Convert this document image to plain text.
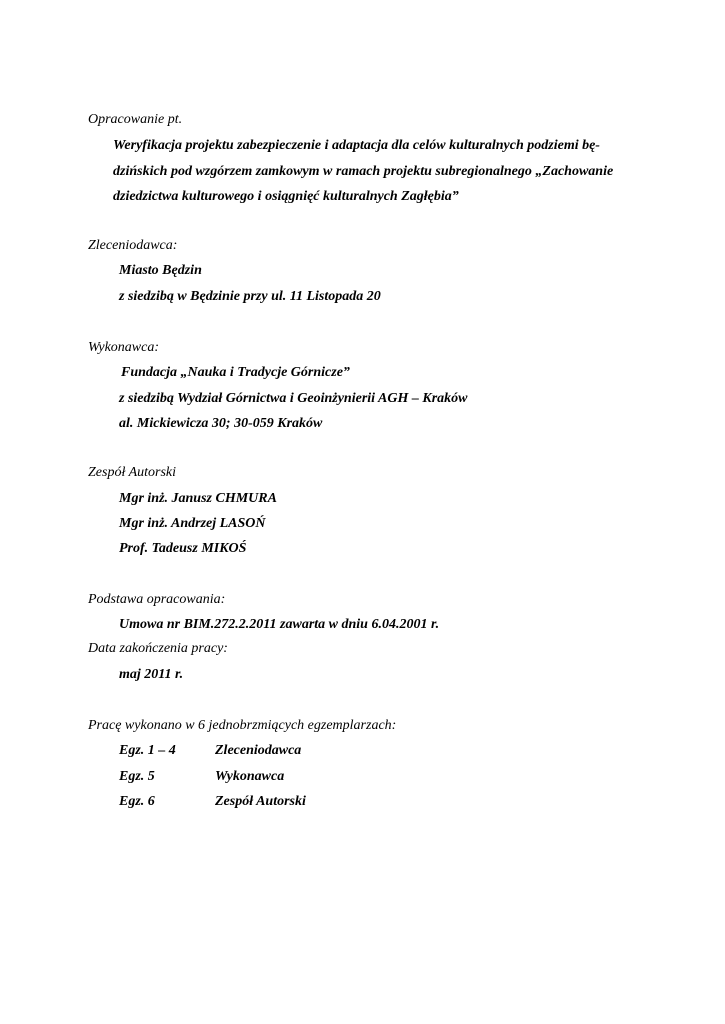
Opracowanie pt.
Weryfikacja projektu zabezpieczenie i adaptacja dla celów kulturalnych podziemi bę-
dzińskich pod wzgórzem zamkowym w ramach projektu subregionalnego „Zachowanie
dziedzictwa kulturowego i osiągnięć kulturalnych Zagłębia”
Zleceniodawca:
Miasto Będzin
z siedzibą w Będzinie przy ul. 11 Listopada 20
Wykonawca:
Fundacja „Nauka i Tradycje Górnicze”
z siedzibą Wydział Górnictwa i Geoinżynierii AGH – Kraków
al. Mickiewicza 30; 30-059 Kraków
Zespół Autorski
Mgr inż. Janusz CHMURA
Mgr inż. Andrzej LASOŃ
Prof. Tadeusz MIKOŚ
Podstawa opracowania:
Umowa nr BIM.272.2.2011 zawarta w dniu 6.04.2001 r.
Data zakończenia pracy:
maj 2011 r.
Pracę wykonano w 6 jednobrzmiących egzemplarzach:
Egz. 1 – 4	Zleceniodawca
Egz. 5	Wykonawca
Egz. 6	Zespół Autorski
